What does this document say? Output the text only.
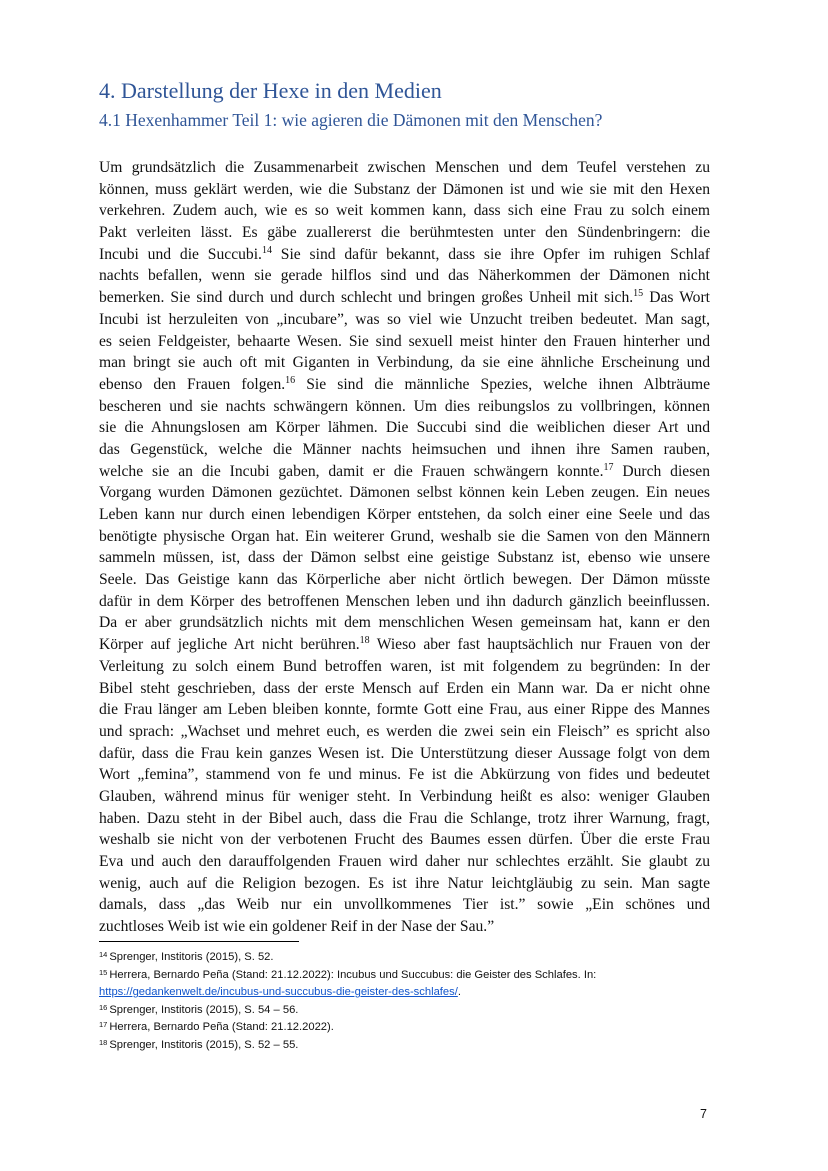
4. Darstellung der Hexe in den Medien
4.1 Hexenhammer Teil 1: wie agieren die Dämonen mit den Menschen?
Um grundsätzlich die Zusammenarbeit zwischen Menschen und dem Teufel verstehen zu
können, muss geklärt werden, wie die Substanz der Dämonen ist und wie sie mit den Hexen
verkehren. Zudem auch, wie es so weit kommen kann, dass sich eine Frau zu solch einem
Pakt verleiten lässt. Es gäbe zuallererst die berühmtesten unter den Sündenbringern: die
Incubi und die Succubi.$^{14}$ Sie sind dafür bekannt, dass sie ihre Opfer im ruhigen Schlaf
nachts befallen, wenn sie gerade hilflos sind und das Näherkommen der Dämonen nicht
bemerken. Sie sind durch und durch schlecht und bringen großes Unheil mit sich.$^{15}$ Das Wort
Incubi ist herzuleiten von „incubare”, was so viel wie Unzucht treiben bedeutet. Man sagt,
es seien Feldgeister, behaarte Wesen. Sie sind sexuell meist hinter den Frauen hinterher und
man bringt sie auch oft mit Giganten in Verbindung, da sie eine ähnliche Erscheinung und
ebenso den Frauen folgen.$^{16}$ Sie sind die männliche Spezies, welche ihnen Albträume
bescheren und sie nachts schwängern können. Um dies reibungslos zu vollbringen, können
sie die Ahnungslosen am Körper lähmen. Die Succubi sind die weiblichen dieser Art und
das Gegenstück, welche die Männer nachts heimsuchen und ihnen ihre Samen rauben,
welche sie an die Incubi gaben, damit er die Frauen schwängern konnte.$^{17}$ Durch diesen
Vorgang wurden Dämonen gezüchtet. Dämonen selbst können kein Leben zeugen. Ein neues
Leben kann nur durch einen lebendigen Körper entstehen, da solch einer eine Seele und das
benötigte physische Organ hat. Ein weiterer Grund, weshalb sie die Samen von den Männern
sammeln müssen, ist, dass der Dämon selbst eine geistige Substanz ist, ebenso wie unsere
Seele. Das Geistige kann das Körperliche aber nicht örtlich bewegen. Der Dämon müsste
dafür in dem Körper des betroffenen Menschen leben und ihn dadurch gänzlich beeinflussen.
Da er aber grundsätzlich nichts mit dem menschlichen Wesen gemeinsam hat, kann er den
Körper auf jegliche Art nicht berühren.$^{18}$ Wieso aber fast hauptsächlich nur Frauen von der
Verleitung zu solch einem Bund betroffen waren, ist mit folgendem zu begründen: In der
Bibel steht geschrieben, dass der erste Mensch auf Erden ein Mann war. Da er nicht ohne
die Frau länger am Leben bleiben konnte, formte Gott eine Frau, aus einer Rippe des Mannes
und sprach: „Wachset und mehret euch, es werden die zwei sein ein Fleisch” es spricht also
dafür, dass die Frau kein ganzes Wesen ist. Die Unterstützung dieser Aussage folgt von dem
Wort „femina”, stammend von fe und minus. Fe ist die Abkürzung von fides und bedeutet
Glauben, während minus für weniger steht. In Verbindung heißt es also: weniger Glauben
haben. Dazu steht in der Bibel auch, dass die Frau die Schlange, trotz ihrer Warnung, fragt,
weshalb sie nicht von der verbotenen Frucht des Baumes essen dürfen. Über die erste Frau
Eva und auch den darauffolgenden Frauen wird daher nur schlechtes erzählt. Sie glaubt zu
wenig, auch auf die Religion bezogen. Es ist ihre Natur leichtgläubig zu sein. Man sagte
damals, dass „das Weib nur ein unvollkommenes Tier ist.” sowie „Ein schönes und
zuchtloses Weib ist wie ein goldener Reif in der Nase der Sau.”
$^{14}$ Sprenger, Institoris (2015), S. 52.
$^{15}$ Herrera, Bernardo Peña (Stand: 21.12.2022): Incubus und Succubus: die Geister des Schlafes. In:
https://gedankenwelt.de/incubus-und-succubus-die-geister-des-schlafes/.
$^{16}$ Sprenger, Institoris (2015), S. 54 – 56.
$^{17}$ Herrera, Bernardo Peña (Stand: 21.12.2022).
$^{18}$ Sprenger, Institoris (2015), S. 52 – 55.
7
